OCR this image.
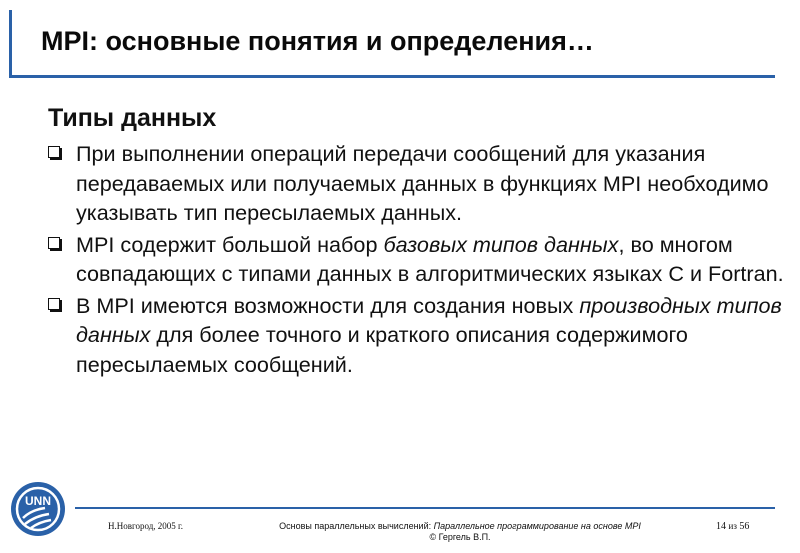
MPI: основные понятия и определения…
Типы данных
При выполнении операций передачи сообщений для указания передаваемых или получаемых данных в функциях MPI необходимо указывать тип пересылаемых данных.
MPI содержит большой набор базовых типов данных, во многом совпадающих с типами данных в алгоритмических языках C и Fortran.
В MPI имеются возможности для создания новых производных типов данных для более точного и краткого описания содержимого пересылаемых сообщений.
UNN
Н.Новгород, 2005 г.	Основы параллельных вычислений: Параллельное программирование на основе MPI
© Гергель В.П.
14 из 56
